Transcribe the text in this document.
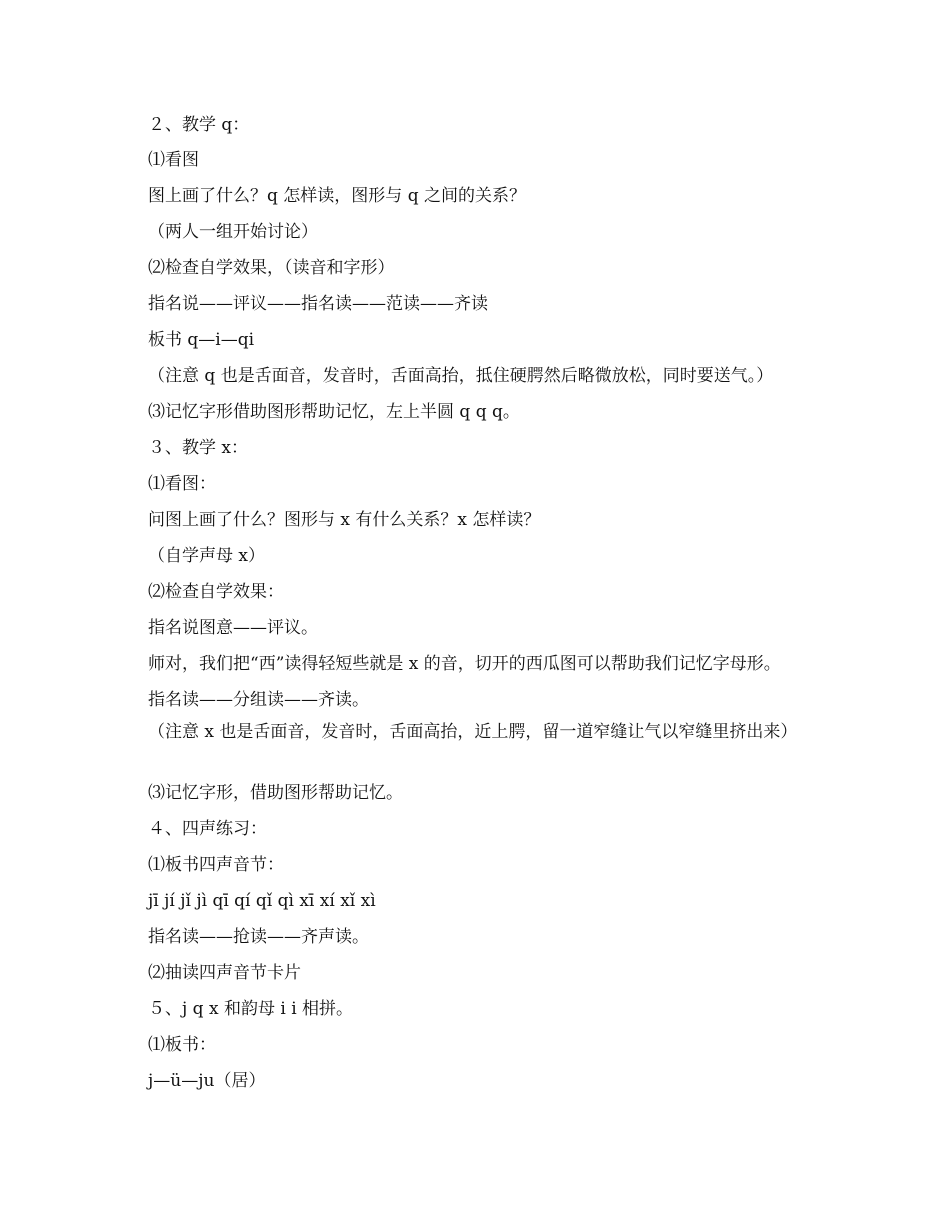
２、教学 q：
⑴看图
图上画了什么？q 怎样读，图形与 q 之间的关系？
（两人一组开始讨论）
⑵检查自学效果，（读音和字形）
指名说——评议——指名读——范读——齐读
板书 q—i—qi
（注意 q 也是舌面音，发音时，舌面高抬，抵住硬腭然后略微放松，同时要送气。）
⑶记忆字形借助图形帮助记忆，左上半圆 q q q。
３、教学 x：
⑴看图：
问图上画了什么？图形与 x 有什么关系？x 怎样读？
（自学声母 x）
⑵检查自学效果：
指名说图意——评议。
师对，我们把“西”读得轻短些就是 x 的音，切开的西瓜图可以帮助我们记忆字母形。
指名读——分组读——齐读。
（注意 x 也是舌面音，发音时，舌面高抬，近上腭，留一道窄缝让气以窄缝里挤出来）
⑶记忆字形，借助图形帮助记忆。
４、四声练习：
⑴板书四声音节：
jī jí jǐ jì qī qí qǐ qì xī xí xǐ xì
指名读——抢读——齐声读。
⑵抽读四声音节卡片
５、j q x 和韵母 i i 相拼。
⑴板书：
j—ü—ju（居）
